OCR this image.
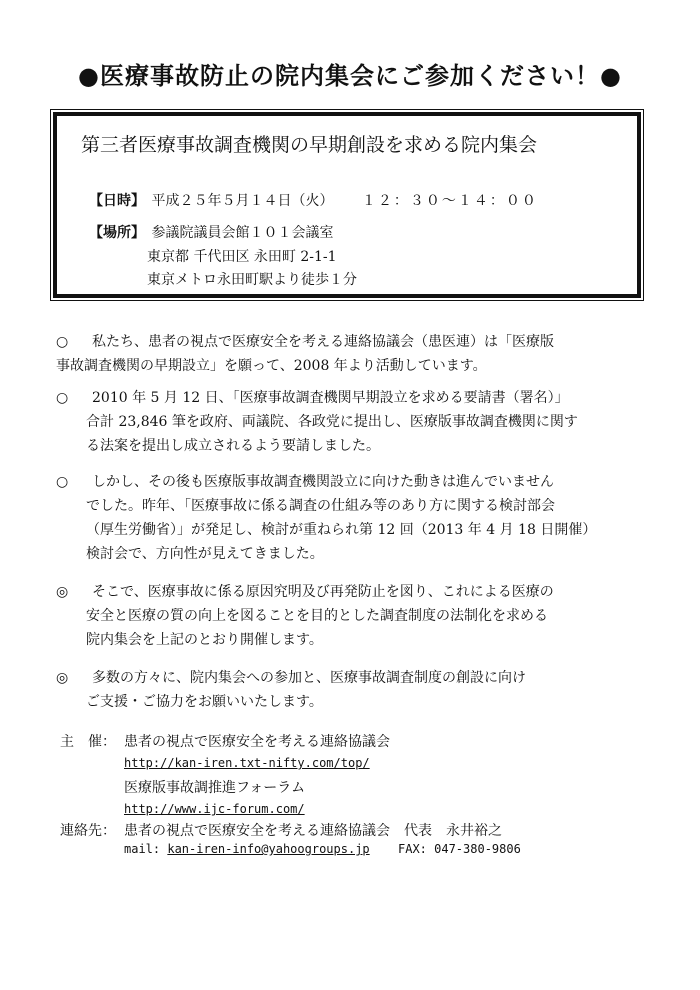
●医療事故防止の院内集会にご参加ください！●
第三者医療事故調査機関の早期創設を求める院内集会
【日時】 平成２５年５月１４日（火） １２：３０〜１４：００
【場所】 参議院議員会館１０１会議室
東京都 千代田区 永田町 2-1-1
東京メトロ永田町駅より徒歩１分
○ 私たち、患者の視点で医療安全を考える連絡協議会（患医連）は「医療版
事故調査機関の早期設立」を願って、2008 年より活動しています。
○ 2010 年 5 月 12 日、「医療事故調査機関早期設立を求める要請書（署名）」
合計 23,846 筆を政府、両議院、各政党に提出し、医療版事故調査機関に関す
る法案を提出し成立されるよう要請しました。
○ しかし、その後も医療版事故調査機関設立に向けた動きは進んでいません
でした。昨年、「医療事故に係る調査の仕組み等のあり方に関する検討部会
（厚生労働省）」が発足し、検討が重ねられ第 12 回（2013 年 4 月 18 日開催）
検討会で、方向性が見えてきました。
◎ そこで、医療事故に係る原因究明及び再発防止を図り、これによる医療の
安全と医療の質の向上を図ることを目的とした調査制度の法制化を求める
院内集会を上記のとおり開催します。
◎ 多数の方々に、院内集会への参加と、医療事故調査制度の創設に向け
ご支援・ご協力をお願いいたします。
主　催： 患者の視点で医療安全を考える連絡協議会
http://kan-iren.txt-nifty.com/top/
医療版事故調推進フォーラム
http://www.ijc-forum.com/
連絡先： 患者の視点で医療安全を考える連絡協議会　代表　永井裕之
mail: kan-iren-info@yahoogroups.jp FAX: 047-380-9806
